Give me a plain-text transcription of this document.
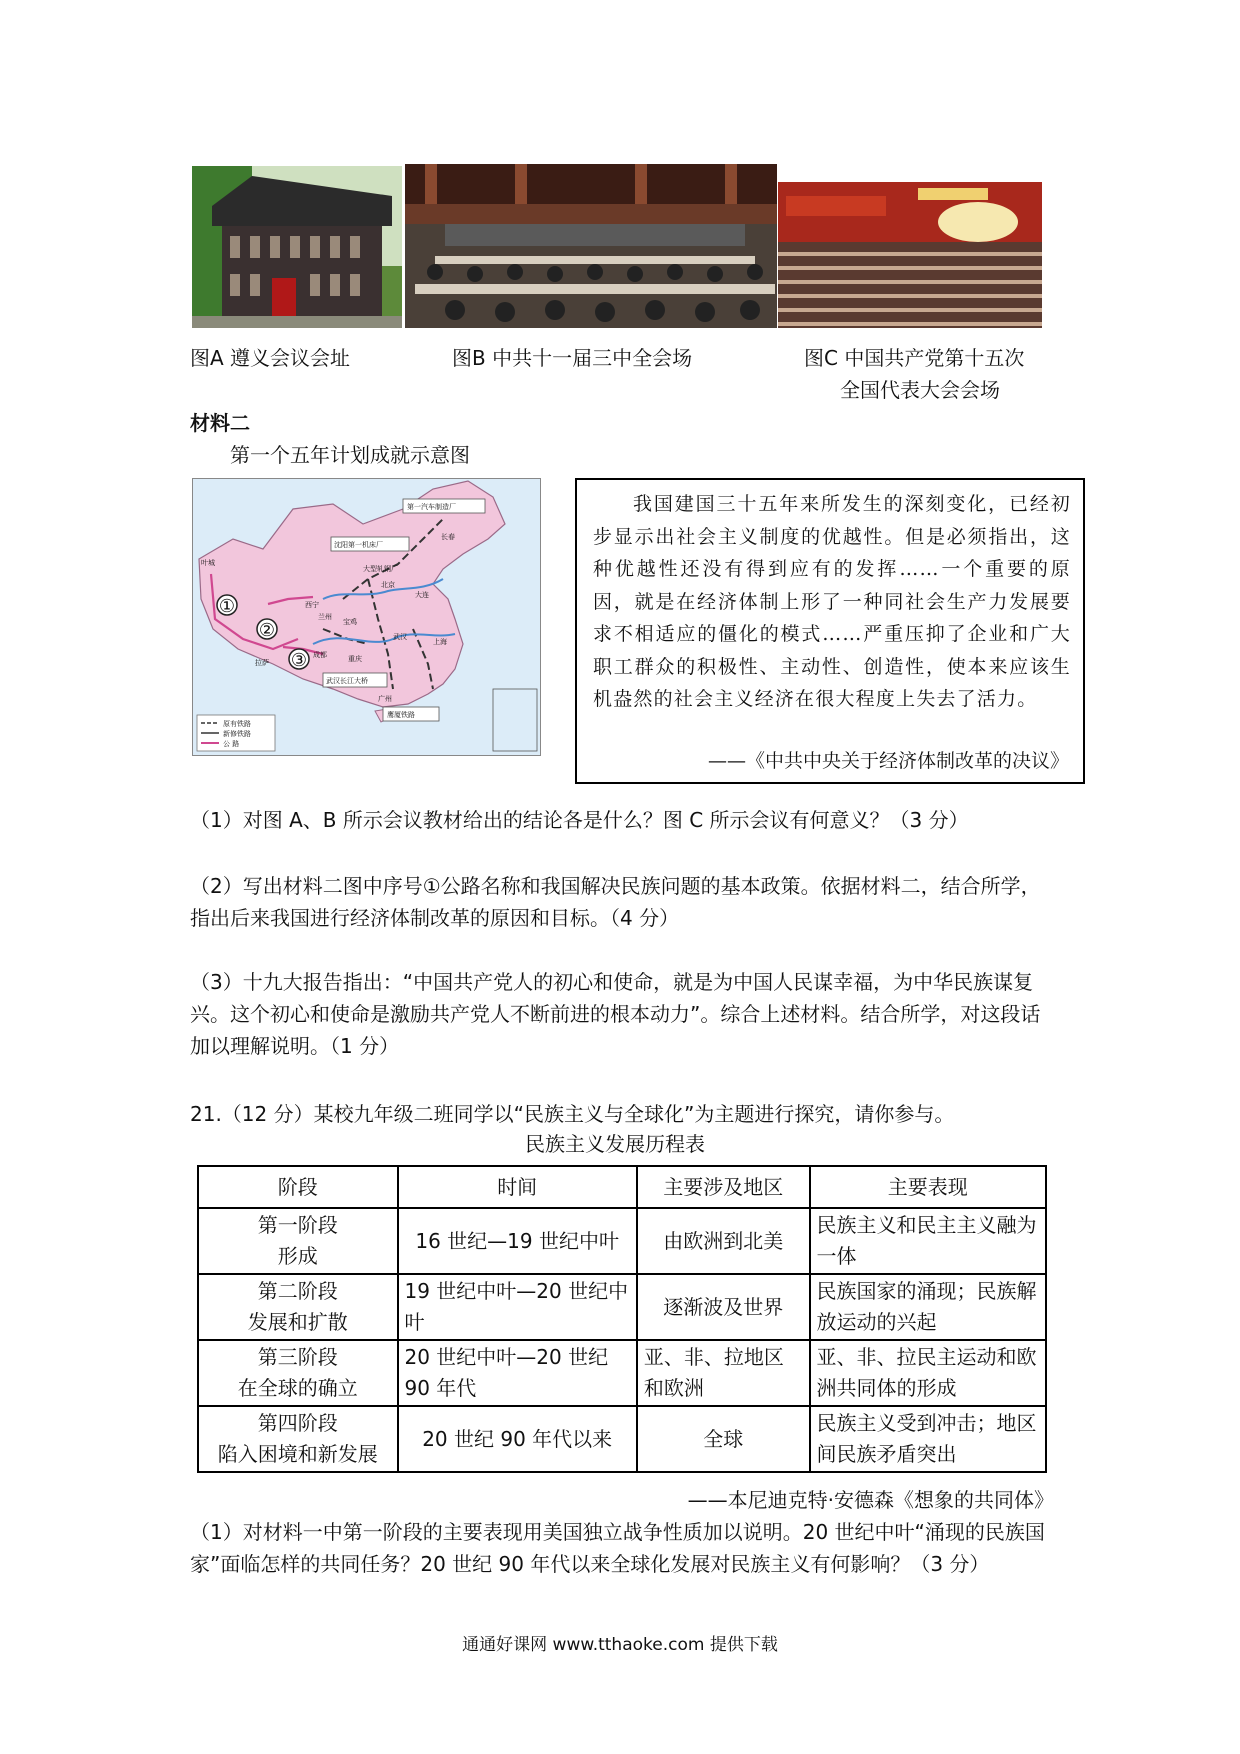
图A 遵义会议会址	图B 中共十一届三中全会场	图C 中国共产党第十五次
全国代表大会会场
材料二
第一个五年计划成就示意图
①
②
③
第一汽车制造厂
沈阳第一机床厂
大型轧钢厂
北京
长春
西宁
兰州
宝鸡
拉萨
成都	重庆
武汉长江大桥
上海
广州
鹰厦铁路
叶城
大连
武汉
原有铁路
新修铁路
公 路
我国建国三十五年来所发生的深刻变化，已经初步显示出社会主义制度的优越性。但是必须指出，这种优越性还没有得到应有的发挥……一个重要的原因，就是在经济体制上形了一种同社会生产力发展要求不相适应的僵化的模式……严重压抑了企业和广大职工群众的积极性、主动性、创造性，使本来应该生机盎然的社会主义经济在很大程度上失去了活力。
——《中共中央关于经济体制改革的决议》
（1）对图 A、B 所示会议教材给出的结论各是什么？图 C 所示会议有何意义？（3 分）
（2）写出材料二图中序号①公路名称和我国解决民族问题的基本政策。依据材料二，结合所学，指出后来我国进行经济体制改革的原因和目标。（4 分）
（3）十九大报告指出：“中国共产党人的初心和使命，就是为中国人民谋幸福，为中华民族谋复兴。这个初心和使命是激励共产党人不断前进的根本动力”。综合上述材料。结合所学，对这段话加以理解说明。（1 分）
21.（12 分）某校九年级二班同学以“民族主义与全球化”为主题进行探究，请你参与。
民族主义发展历程表
阶段	时间	主要涉及地区	主要表现
第一阶段
形成	16 世纪—19 世纪中叶	由欧洲到北美	民族主义和民主主义融为一体
第二阶段
发展和扩散	19 世纪中叶—20 世纪中叶	逐渐波及世界	民族国家的涌现；民族解放运动的兴起
第三阶段
在全球的确立	20 世纪中叶—20 世纪 90 年代	亚、非、拉地区和欧洲	亚、非、拉民主运动和欧洲共同体的形成
第四阶段
陷入困境和新发展	20 世纪 90 年代以来	全球	民族主义受到冲击；地区间民族矛盾突出
——本尼迪克特·安德森《想象的共同体》
（1）对材料一中第一阶段的主要表现用美国独立战争性质加以说明。20 世纪中叶“涌现的民族国家”面临怎样的共同任务？20 世纪 90 年代以来全球化发展对民族主义有何影响？（3 分）
通通好课网 www.tthaoke.com 提供下载
